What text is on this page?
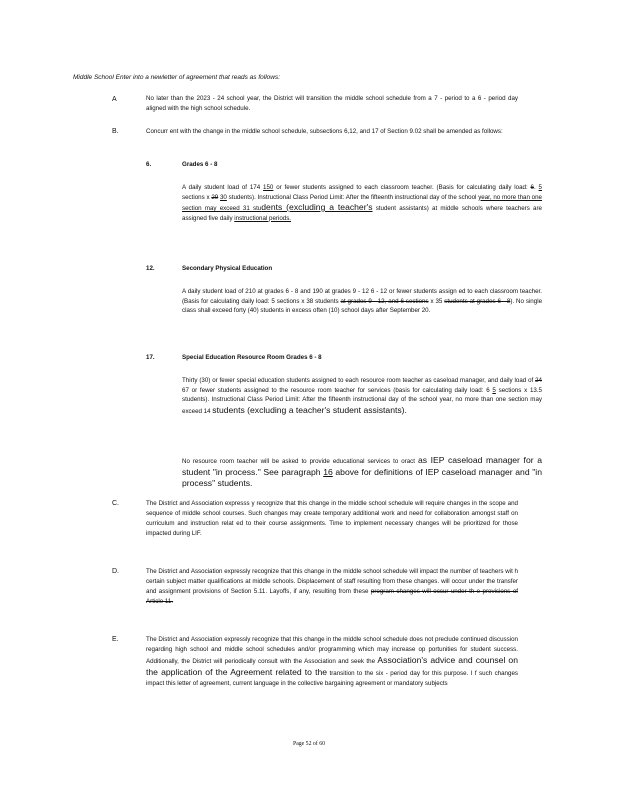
Middle School Enter into a newletter of agreement that reads as follows:
A	No later than the 2023 - 24 school year, the District will transition the middle school schedule from a 7 - period to a 6 - period day aligned with the high school schedule.
B.	Concurr ent with the change in the middle school schedule, subsections 6,12, and 17 of Section 9.02 shall be amended as follows:
6.	Grades 6 - 8
A daily student load of 174 150 or fewer students assigned to each classroom teacher. (Basis for calculating daily load: 6. 5 sections x 29 30 students). Instructional Class Period Limit: After the fifteenth instructional day of the school year, no more than one section may exceed 31 students (excluding a teacher's student assistants) at middle schools where teachers are assigned five daily instructional periods.
12.	Secondary Physical Education
A daily student load of 210 at grades 6 - 8 and 190 at grades 9 - 12 6 - 12 or fewer students assign ed to each classroom teacher. (Basis for calculating daily load: 5 sections x 38 students at grades 9 - 12, and 6 sections x 35 students at grades 6 - 8). No single class shall exceed forty (40) students in excess often (10) school days after September 20.
17.	Special Education Resource Room Grades 6 - 8
Thirty (30) or fewer special education students assigned to each resource room teacher as caseload manager, and daily load of 24 67 or fewer students assigned to the resource room teacher for services (basis for calculating daily load: 6 5 sections x 13.5 students). Instructional Class Period Limit: After the fifteenth instructional day of the school year, no more than one section may exceed 14 students (excluding a teacher's student assistants).
No resource room teacher will be asked to provide educational services to oract as IEP caseload manager for a student "in process." See paragraph 16 above for definitions of IEP caseload manager and "in process" students.
C.	The District and Association expresss y recognize that this change in the middle school schedule will require changes in the scope and sequence of middle school courses. Such changes may create temporary additional work and need for collaboration amongst staff on curriculum and instruction relat ed to their course assignments. Time to implement necessary changes will be prioritized for those impacted during LIF.
D.	The District and Association expressly recognize that this change in the middle school schedule will impact the number of teachers wit h certain subject matter qualifications at middle schools. Displacement of staff resulting from these changes. will occur under the transfer and assignment provisions of Section 5.11. Layoffs, if any, resulting from these program changes will occur under th e provisions of Article 11.
E.	The District and Association expressly recognize that this change in the middle school schedule does not preclude continued discussion regarding high school and middle school schedules and/or programming which may increase op portunities for student success. Additionally, the District will periodically consult with the Association and seek the Association's advice and counsel on the application of the Agreement related to the transition to the six - period day for this purpose. I f such changes impact this letter of agreement, current language in the collective bargaining agreement or mandatory subjects
Page 52 of 60
